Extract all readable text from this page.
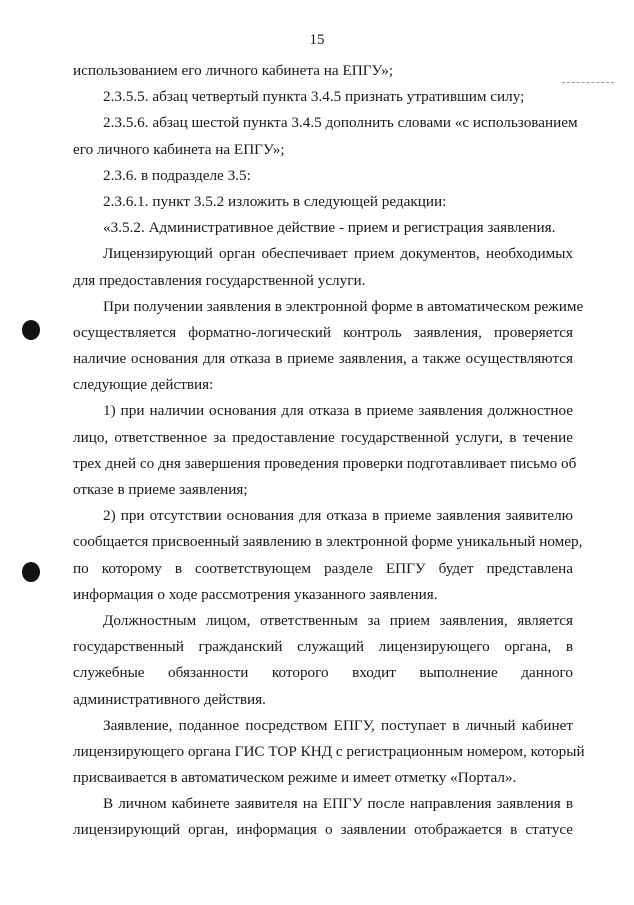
15
использованием его личного кабинета на ЕПГУ»;
2.3.5.5. абзац четвертый пункта 3.4.5 признать утратившим силу;
2.3.5.6. абзац шестой пункта 3.4.5 дополнить словами «с использованием
его личного кабинета на ЕПГУ»;
2.3.6. в подразделе 3.5:
2.3.6.1. пункт 3.5.2 изложить в следующей редакции:
«3.5.2. Административное действие - прием и регистрация заявления.
Лицензирующий орган обеспечивает прием документов, необходимых
для предоставления государственной услуги.
При получении заявления в электронной форме в автоматическом режиме
осуществляется форматно-логический контроль заявления, проверяется
наличие основания для отказа в приеме заявления, а также осуществляются
следующие действия:
1) при наличии основания для отказа в приеме заявления должностное
лицо, ответственное за предоставление государственной услуги, в течение
трех дней со дня завершения проведения проверки подготавливает письмо об
отказе в приеме заявления;
2) при отсутствии основания для отказа в приеме заявления заявителю
сообщается присвоенный заявлению в электронной форме уникальный номер,
по которому в соответствующем разделе ЕПГУ будет представлена
информация о ходе рассмотрения указанного заявления.
Должностным лицом, ответственным за прием заявления, является
государственный гражданский служащий лицензирующего органа, в
служебные обязанности которого входит выполнение данного
административного действия.
Заявление, поданное посредством ЕПГУ, поступает в личный кабинет
лицензирующего органа ГИС ТОР КНД с регистрационным номером, который
присваивается в автоматическом режиме и имеет отметку «Портал».
В личном кабинете заявителя на ЕПГУ после направления заявления в
лицензирующий орган, информация о заявлении отображается в статусе
